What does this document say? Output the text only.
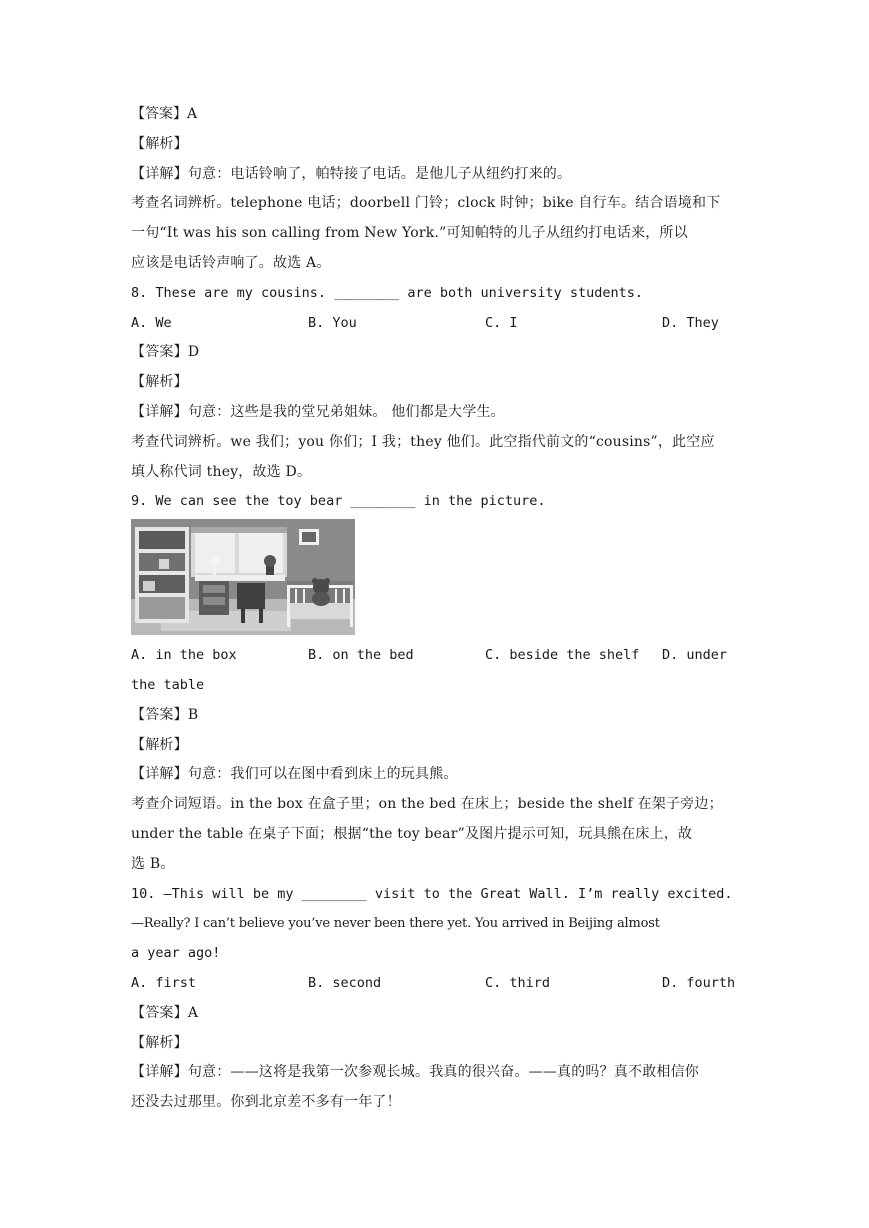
【答案】A
【解析】
【详解】句意：电话铃响了，帕特接了电话。是他儿子从纽约打来的。
考查名词辨析。telephone 电话；doorbell 门铃；clock 时钟；bike 自行车。结合语境和下
一句“It was his son calling from New York.”可知帕特的儿子从纽约打电话来，所以
应该是电话铃声响了。故选 A。
8. These are my cousins. ________ are both university students.
A. We	B. You	C. I	D. They
【答案】D
【解析】
【详解】句意：这些是我的堂兄弟姐妹。 他们都是大学生。
考查代词辨析。we 我们；you 你们；I 我；they 他们。此空指代前文的“cousins”，此空应
填人称代词 they，故选 D。
9. We can see the toy bear ________ in the picture.
A. in the box	B. on the bed	C. beside the shelf	D. under
the table
【答案】B
【解析】
【详解】句意：我们可以在图中看到床上的玩具熊。
考查介词短语。in the box 在盒子里；on the bed 在床上；beside the shelf 在架子旁边；
under the table 在桌子下面；根据“the toy bear”及图片提示可知，玩具熊在床上，故
选 B。
10. —This will be my ________ visit to the Great Wall. I’m really excited.
—Really? I can’t believe you’ve never been there yet. You arrived in Beijing almost
a year ago!
A. first	B. second	C. third	D. fourth
【答案】A
【解析】
【详解】句意：——这将是我第一次参观长城。我真的很兴奋。——真的吗？真不敢相信你
还没去过那里。你到北京差不多有一年了！
